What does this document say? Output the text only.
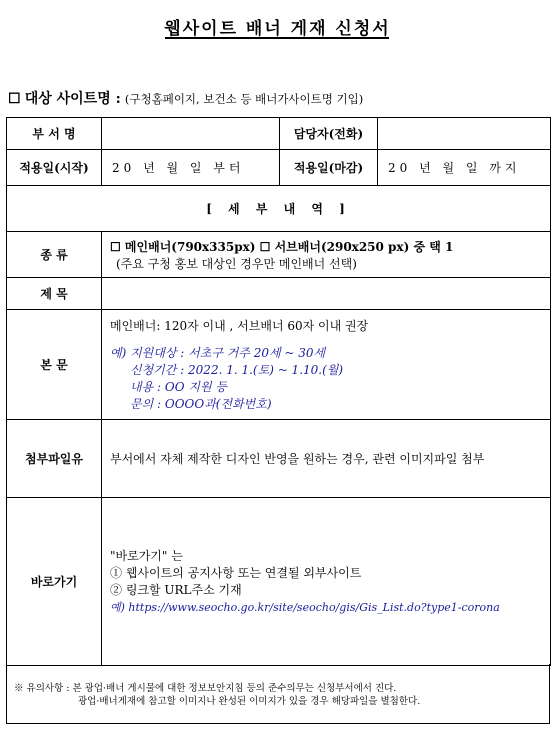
웹사이트 배너 게재 신청서
☐ 대상 사이트명 : (구청홈페이지, 보건소 등 배너가사이트명 기입)
부 서 명		담당자(전화)	
적용일(시작)	20 년 월 일 부터	적용일(마감)	20 년 월 일 까지
[ 세 부 내 역 ]			
종 류	☐ 메인배너(790x335px) ☐ 서브배너(290x250 px) 중 택 1
(주요 구청 홍보 대상인 경우만 메인배너 선택)		

제 목			
본 문	메인배너: 120자 이내 , 서브배너 60자 이내 권장
예) 지원대상 : 서초구 거주 20세 ~ 30세
신청기간 : 2022. 1. 1.(토) ~ 1.10.(월)
내용 : OO 지원 등
문의 : OOOO과(전화번호)		

첨부파일유	부서에서 자체 제작한 디자인 반영을 원하는 경우, 관련 이미지파일 첨부		
바로가기	"바로가기" 는
① 웹사이트의 공지사항 또는 연결될 외부사이트
② 링크할 URL주소 기재
예) https://www.seocho.go.kr/site/seocho/gis/Gis_List.do?type1-corona		
※ 유의사항 : 본 광업·배너 게시물에 대한 정보보안지침 등의 준수의무는 신청부서에서 진다.
광업·배너게재에 참고할 이미지나 완성된 이미지가 있을 경우 해당파일을 별첨한다.
